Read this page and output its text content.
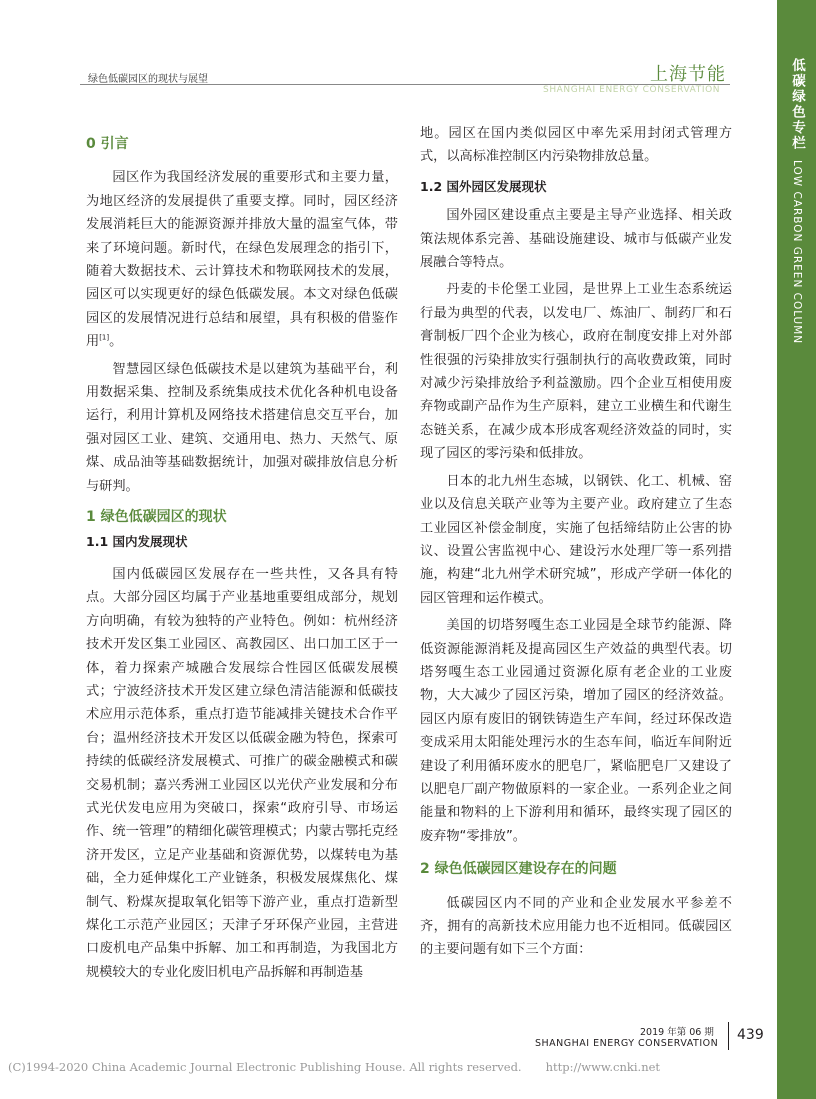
低碳绿色专栏
LOW CARBON GREEN COLUMN
绿色低碳园区的现状与展望	上海节能
SHANGHAI ENERGY CONSERVATION

0 引言

园区作为我国经济发展的重要形式和主要力量，为地区经济的发展提供了重要支撑。同时，园区经济发展消耗巨大的能源资源并排放大量的温室气体，带来了环境问题。新时代，在绿色发展理念的指引下，随着大数据技术、云计算技术和物联网技术的发展，园区可以实现更好的绿色低碳发展。本文对绿色低碳园区的发展情况进行总结和展望，具有积极的借鉴作用[1]。

智慧园区绿色低碳技术是以建筑为基础平台，利用数据采集、控制及系统集成技术优化各种机电设备运行，利用计算机及网络技术搭建信息交互平台，加强对园区工业、建筑、交通用电、热力、天然气、原煤、成品油等基础数据统计，加强对碳排放信息分析与研判。

1 绿色低碳园区的现状

1.1 国内发展现状

国内低碳园区发展存在一些共性，又各具有特点。大部分园区均属于产业基地重要组成部分，规划方向明确，有较为独特的产业特色。例如：杭州经济技术开发区集工业园区、高教园区、出口加工区于一体，着力探索产城融合发展综合性园区低碳发展模式；宁波经济技术开发区建立绿色清洁能源和低碳技术应用示范体系，重点打造节能减排关键技术合作平台；温州经济技术开发区以低碳金融为特色，探索可持续的低碳经济发展模式、可推广的碳金融模式和碳交易机制；嘉兴秀洲工业园区以光伏产业发展和分布式光伏发电应用为突破口，探索“政府引导、市场运作、统一管理”的精细化碳管理模式；内蒙古鄂托克经济开发区，立足产业基础和资源优势，以煤转电为基础，全力延伸煤化工产业链条，积极发展煤焦化、煤制气、粉煤灰提取氧化铝等下游产业，重点打造新型煤化工示范产业园区；天津子牙环保产业园，主营进口废机电产品集中拆解、加工和再制造，为我国北方规模较大的专业化废旧机电产品拆解和再制造基

地。园区在国内类似园区中率先采用封闭式管理方式，以高标准控制区内污染物排放总量。

1.2 国外园区发展现状

国外园区建设重点主要是主导产业选择、相关政策法规体系完善、基础设施建设、城市与低碳产业发展融合等特点。

丹麦的卡伦堡工业园，是世界上工业生态系统运行最为典型的代表，以发电厂、炼油厂、制药厂和石膏制板厂四个企业为核心，政府在制度安排上对外部性很强的污染排放实行强制执行的高收费政策，同时对减少污染排放给予利益激励。四个企业互相使用废弃物或副产品作为生产原料，建立工业横生和代谢生态链关系，在减少成本形成客观经济效益的同时，实现了园区的零污染和低排放。

日本的北九州生态城，以钢铁、化工、机械、窑业以及信息关联产业等为主要产业。政府建立了生态工业园区补偿金制度，实施了包括缔结防止公害的协议、设置公害监视中心、建设污水处理厂等一系列措施，构建“北九州学术研究城”，形成产学研一体化的园区管理和运作模式。

美国的切塔努嘎生态工业园是全球节约能源、降低资源能源消耗及提高园区生产效益的典型代表。切塔努嘎生态工业园通过资源化原有老企业的工业废物，大大减少了园区污染，增加了园区的经济效益。园区内原有废旧的钢铁铸造生产车间，经过环保改造变成采用太阳能处理污水的生态车间，临近车间附近建设了利用循环废水的肥皂厂，紧临肥皂厂又建设了以肥皂厂副产物做原料的一家企业。一系列企业之间能量和物料的上下游利用和循环，最终实现了园区的废弃物“零排放”。

2 绿色低碳园区建设存在的问题

低碳园区内不同的产业和企业发展水平参差不齐，拥有的高新技术应用能力也不近相同。低碳园区的主要问题有如下三个方面：

2019 年第 06 期
SHANGHAI ENERGY CONSERVATION
439
(C)1994-2020 China Academic Journal Electronic Publishing House. All rights reserved. http://www.cnki.net
